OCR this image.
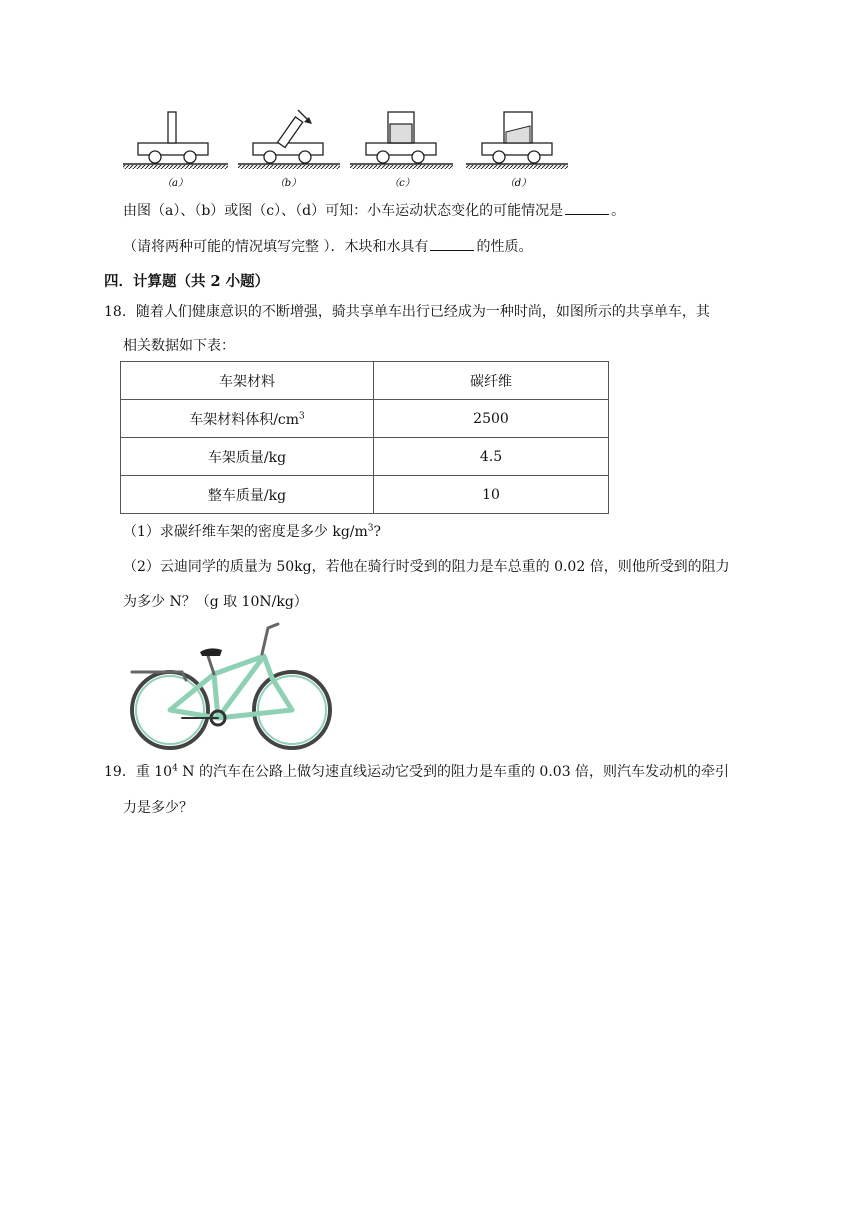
（a）	（b）	（c）	（d）
由图（a）、（b）或图（c）、（d）可知：小车运动状态变化的可能情况是	。
（请将两种可能的情况填写完整 ）．木块和水具有	的性质。
四．计算题（共 2 小题）
18．随着人们健康意识的不断增强，骑共享单车出行已经成为一种时尚，如图所示的共享单车，其
相关数据如下表：
车架材料	碳纤维
车架材料体积$/cm^3$	2500
车架质量/kg	4.5
整车质量/kg	10
（1）求碳纤维车架的密度是多少 $kg/m^3$?
（2）云迪同学的质量为 50kg，若他在骑行时受到的阻力是车总重的 0.02 倍，则他所受到的阻力
为多少 N？（g 取 10N/kg）
19．重 $10^4$ N 的汽车在公路上做匀速直线运动它受到的阻力是车重的 0.03 倍，则汽车发动机的牵引
力是多少？
